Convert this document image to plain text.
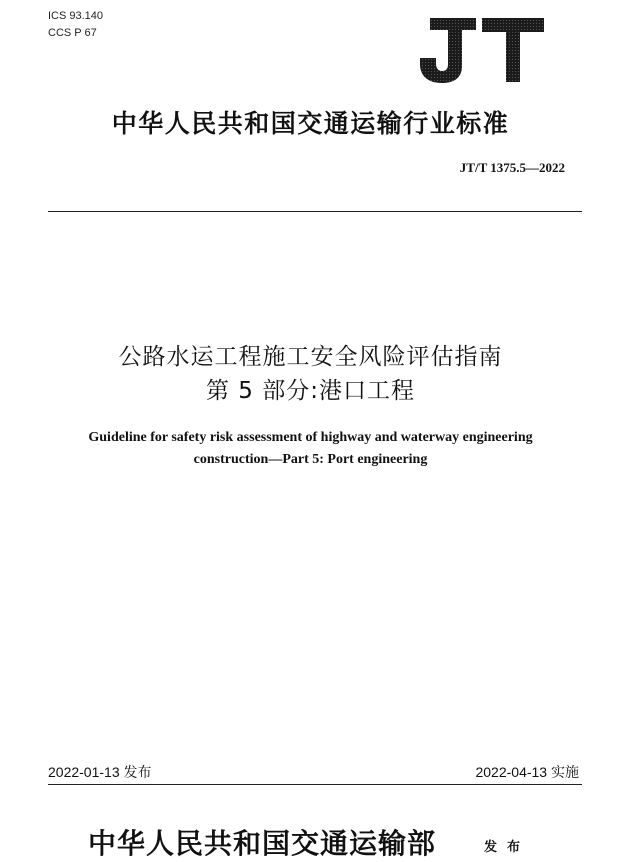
ICS 93.140
CCS P 67
JT
中华人民共和国交通运输行业标准
JT/T 1375.5—2022
公路水运工程施工安全风险评估指南
第 5 部分:港口工程
Guideline for safety risk assessment of highway and waterway engineering
construction—Part 5: Port engineering
2022-01-13 发布	2022-04-13 实施
中华人民共和国交通运输部	发布
